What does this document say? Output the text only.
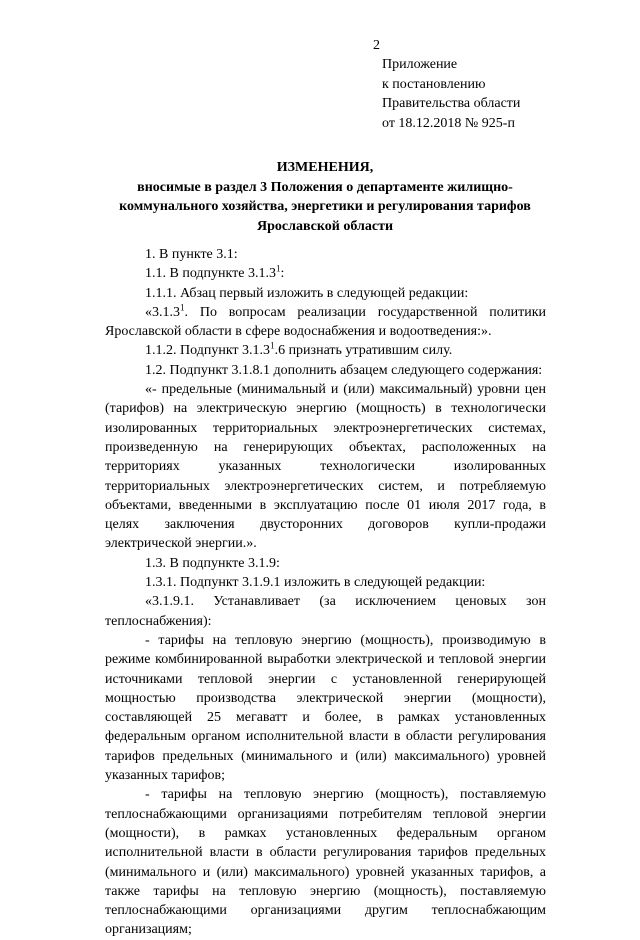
2
Приложение
к постановлению
Правительства области
от 18.12.2018 № 925-п
ИЗМЕНЕНИЯ,
вносимые в раздел 3 Положения о департаменте жилищно-
коммунального хозяйства, энергетики и регулирования тарифов
Ярославской области

1. В пункте 3.1:

1.1. В подпункте 3.1.3$^1$:

1.1.1. Абзац первый изложить в следующей редакции:

«3.1.3$^1$. По вопросам реализации государственной политики Ярославской области в сфере водоснабжения и водоотведения:».

1.1.2. Подпункт 3.1.3$^1$.6 признать утратившим силу.

1.2. Подпункт 3.1.8.1 дополнить абзацем следующего содержания:

«- предельные (минимальный и (или) максимальный) уровни цен (тарифов) на электрическую энергию (мощность) в технологически изолированных территориальных электроэнергетических системах, произведенную на генерирующих объектах, расположенных на территориях указанных технологически изолированных территориальных электроэнергетических систем, и потребляемую объектами, введенными в эксплуатацию после 01 июля 2017 года, в целях заключения двусторонних договоров купли-продажи электрической энергии.».

1.3. В подпункте 3.1.9:

1.3.1. Подпункт 3.1.9.1 изложить в следующей редакции:

«3.1.9.1. Устанавливает (за исключением ценовых зон теплоснабжения):

- тарифы на тепловую энергию (мощность), производимую в режиме комбинированной выработки электрической и тепловой энергии источниками тепловой энергии с установленной генерирующей мощностью производства электрической энергии (мощности), составляющей 25 мегаватт и более, в рамках установленных федеральным органом исполнительной власти в области регулирования тарифов предельных (минимального и (или) максимального) уровней указанных тарифов;

- тарифы на тепловую энергию (мощность), поставляемую теплоснабжающими организациями потребителям тепловой энергии (мощности), в рамках установленных федеральным органом исполнительной власти в области регулирования тарифов предельных (минимального и (или) максимального) уровней указанных тарифов, а также тарифы на тепловую энергию (мощность), поставляемую теплоснабжающими организациями другим теплоснабжающим организациям;
